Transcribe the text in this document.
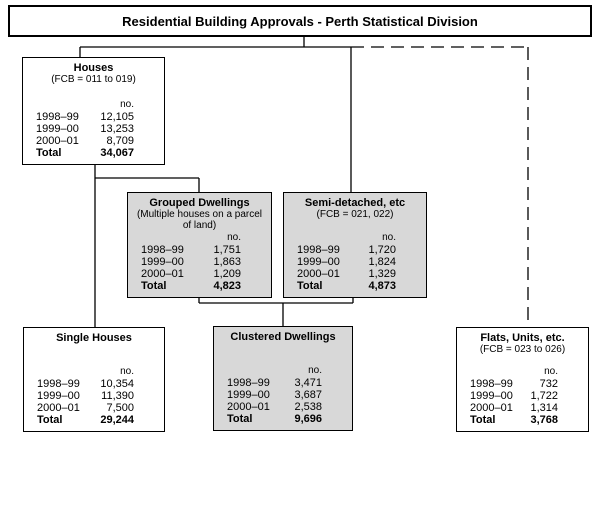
Residential Building Approvals - Perth Statistical Division
Houses
(FCB = 011 to 019)
	no.
1998–99	12,105
1999–00	13,253
2000–01	8,709
Total	34,067
Grouped Dwellings
(Multiple houses on a parcel of land)
	no.
1998–99	1,751
1999–00	1,863
2000–01	1,209
Total	4,823
Semi-detached, etc
(FCB = 021, 022)
	no.
1998–99	1,720
1999–00	1,824
2000–01	1,329
Total	4,873
Single Houses
	no.
1998–99	10,354
1999–00	11,390
2000–01	7,500
Total	29,244
Clustered Dwellings
	no.
1998–99	3,471
1999–00	3,687
2000–01	2,538
Total	9,696
Flats, Units, etc.
(FCB = 023 to 026)
	no.
1998–99	732
1999–00	1,722
2000–01	1,314
Total	3,768
